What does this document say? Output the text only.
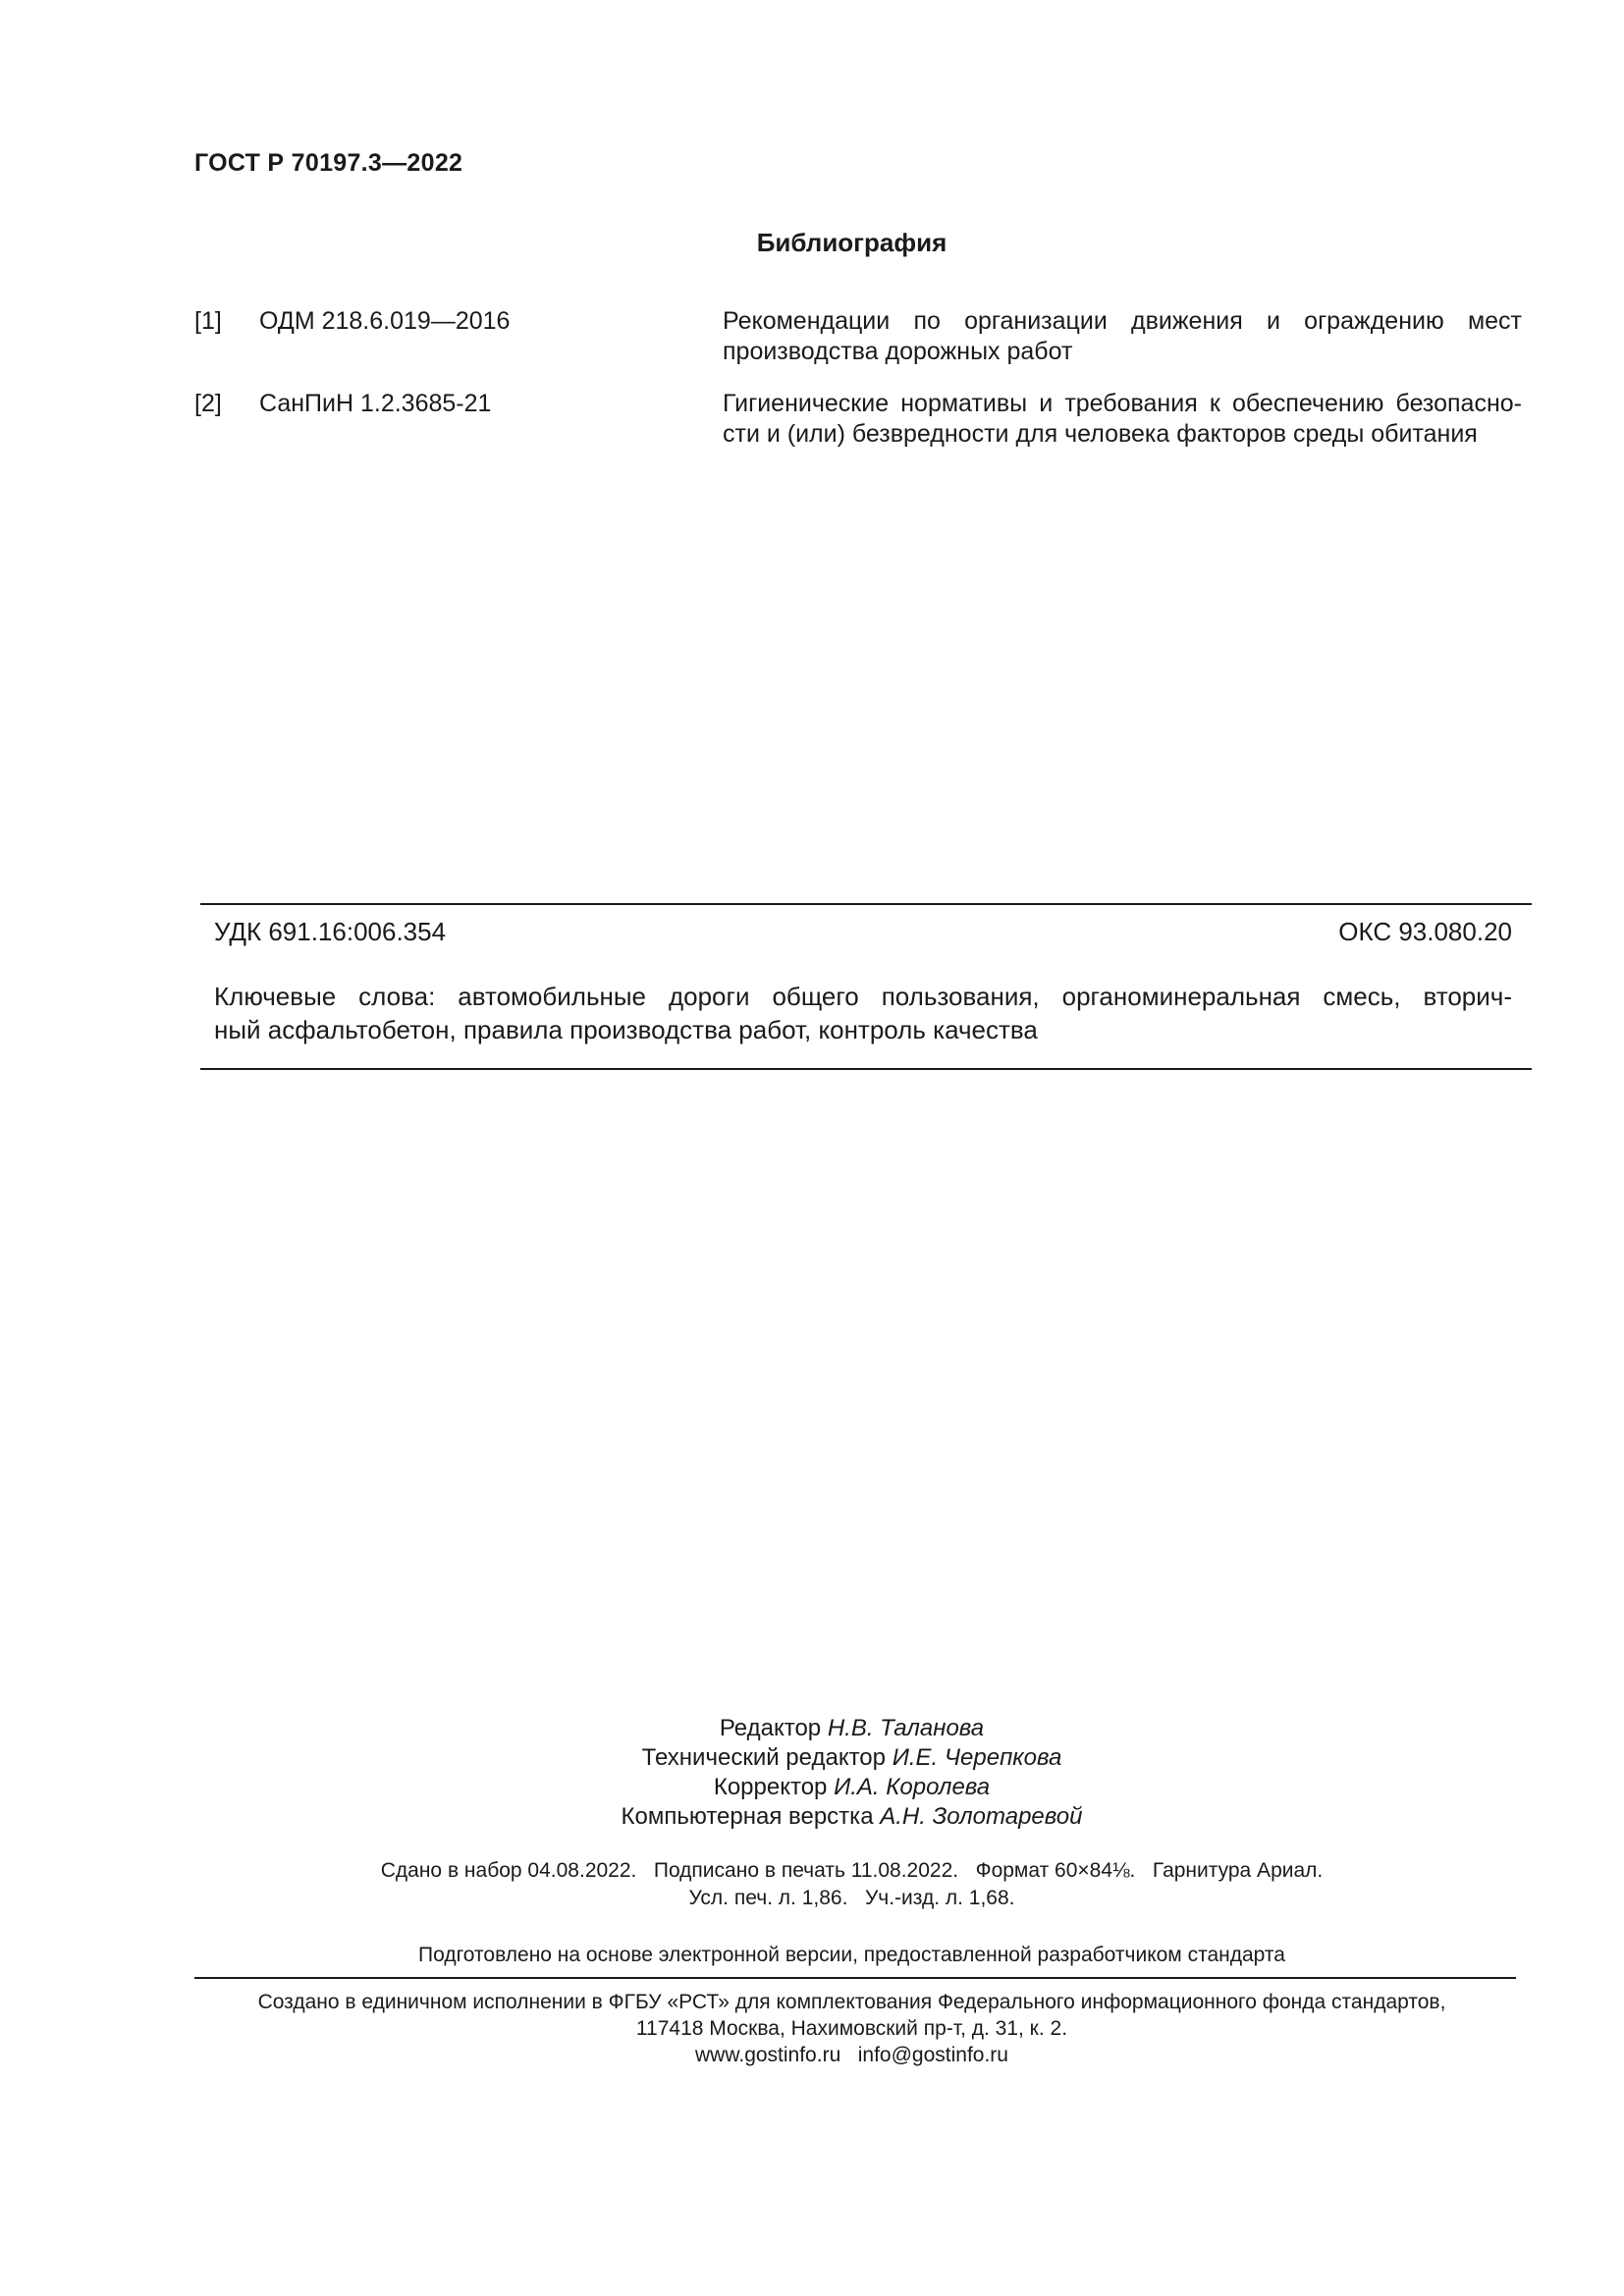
ГОСТ Р 70197.3—2022
Библиография
[1] ОДМ 218.6.019—2016	Рекомендации по организации движения и ограждению мест
производства дорожных работ
[2] СанПиН 1.2.3685-21	Гигиенические нормативы и требования к обеспечению безопасно-
сти и (или) безвредности для человека факторов среды обитания
УДК 691.16:006.354	ОКС 93.080.20
Ключевые слова: автомобильные дороги общего пользования, органоминеральная смесь, вторич-
ный асфальтобетон, правила производства работ, контроль качества
Редактор Н.В. Таланова
Технический редактор И.Е. Черепкова
Корректор И.А. Королева
Компьютерная верстка А.Н. Золотаревой
Сдано в набор 04.08.2022.   Подписано в печать 11.08.2022.   Формат 60×84⅛.   Гарнитура Ариал.
Усл. печ. л. 1,86.   Уч.-изд. л. 1,68.
Подготовлено на основе электронной версии, предоставленной разработчиком стандарта
Создано в единичном исполнении в ФГБУ «РСТ» для комплектования Федерального информационного фонда стандартов,
117418 Москва, Нахимовский пр-т, д. 31, к. 2.
www.gostinfo.ru   info@gostinfo.ru
